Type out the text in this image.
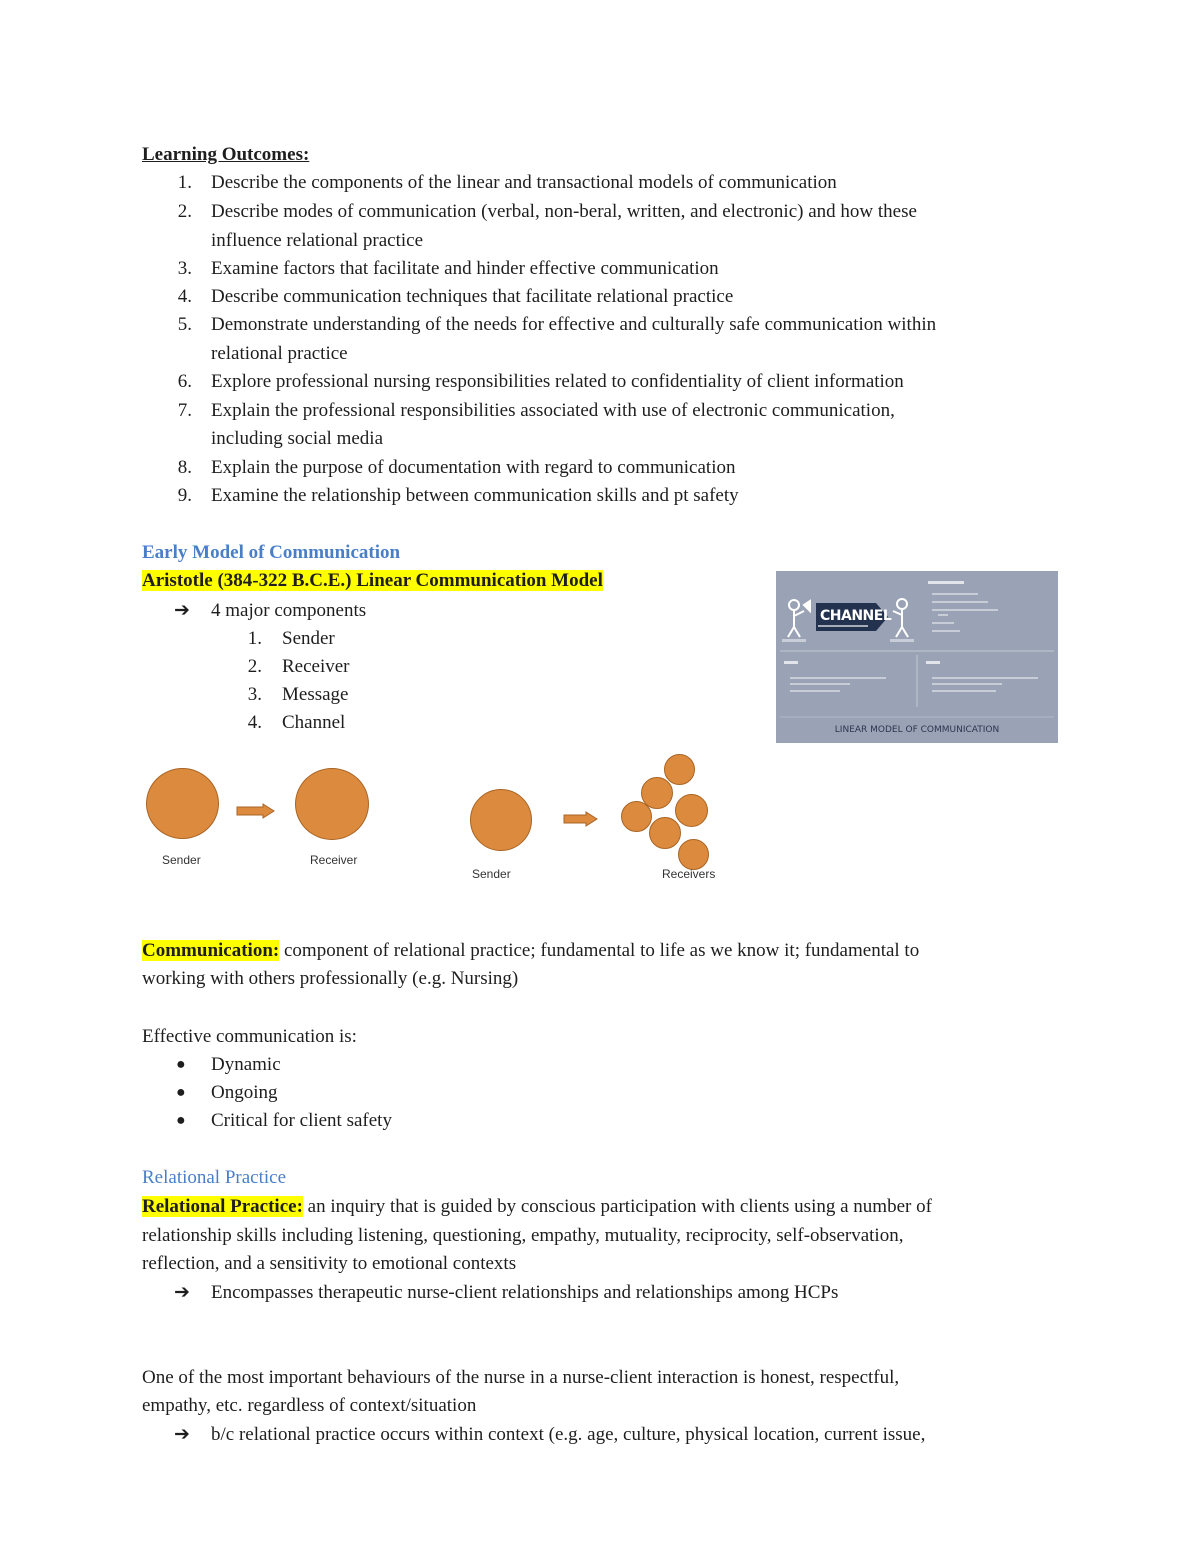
Learning Outcomes:
1. Describe the components of the linear and transactional models of communication
2. Describe modes of communication (verbal, non-beral, written, and electronic) and how these
influence relational practice
3. Examine factors that facilitate and hinder effective communication
4. Describe communication techniques that facilitate relational practice
5. Demonstrate understanding of the needs for effective and culturally safe communication within
relational practice
6. Explore professional nursing responsibilities related to confidentiality of client information
7. Explain the professional responsibilities associated with use of electronic communication,
including social media
8. Explain the purpose of documentation with regard to communication
9. Examine the relationship between communication skills and pt safety
Early Model of Communication
Aristotle (384-322 B.C.E.) Linear Communication Model
➔ 4 major components
1. Sender
2. Receiver
3. Message
4. Channel
CHANNEL
LINEAR MODEL OF COMMUNICATION
Sender	Receiver
Sender	Receivers
Communication: component of relational practice; fundamental to life as we know it; fundamental to
working with others professionally (e.g. Nursing)
Effective communication is:
● Dynamic
● Ongoing
● Critical for client safety
Relational Practice
Relational Practice: an inquiry that is guided by conscious participation with clients using a number of
relationship skills including listening, questioning, empathy, mutuality, reciprocity, self-observation,
reflection, and a sensitivity to emotional contexts
➔ Encompasses therapeutic nurse-client relationships and relationships among HCPs
One of the most important behaviours of the nurse in a nurse-client interaction is honest, respectful,
empathy, etc. regardless of context/situation
➔ b/c relational practice occurs within context (e.g. age, culture, physical location, current issue,
